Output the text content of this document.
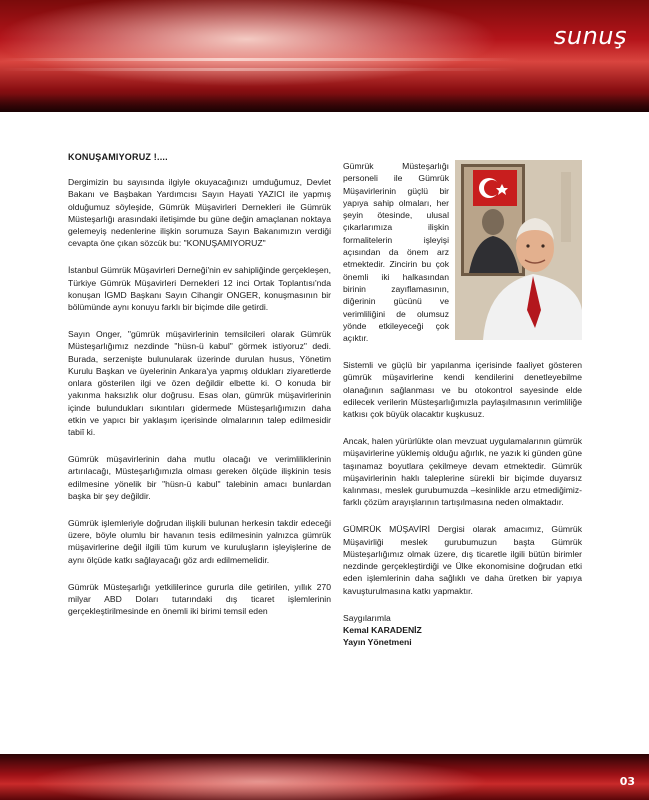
sunuş
KONUŞAMIYORUZ !....

Dergimizin bu sayısında ilgiyle okuyacağınızı umduğumuz, Devlet Bakanı ve Başbakan Yardımcısı Sayın Hayati YAZICI ile yapmış olduğumuz söyleşide, Gümrük Müşavirleri Dernekleri ile Gümrük Müsteşarlığı arasındaki iletişimde bu güne değin amaçlanan noktaya gelemeyiş nedenlerine ilişkin sorumuza Sayın Bakanımızın verdiği cevapta öne çıkan sözcük bu: "KONUŞAMIYORUZ"

İstanbul Gümrük Müşavirleri Derneği'nin ev sahipliğinde gerçekleşen, Türkiye Gümrük Müşavirleri Dernekleri 12 inci Ortak Toplantısı'nda konuşan İGMD Başkanı Sayın Cihangir ONGER, konuşmasının bir bölümünde aynı konuyu farklı bir biçimde dile getirdi.

Sayın Onger, "gümrük müşavirlerinin temsilcileri olarak Gümrük Müsteşarlığımız nezdinde "hüsn-ü kabul" görmek istiyoruz" dedi. Burada, serzenişte bulunularak üzerinde durulan husus, Yönetim Kurulu Başkan ve üyelerinin Ankara'ya yapmış oldukları ziyaretlerde onlara gösterilen ilgi ve özen değildir elbette ki. O konuda bir yakınma haksızlık olur doğrusu. Esas olan, gümrük müşavirlerinin içinde bulundukları sıkıntıları gidermede Müsteşarlığımızın daha etkin ve yapıcı bir yaklaşım içerisinde olmalarının talep edilmesidir tabiî ki.

Gümrük müşavirlerinin daha mutlu olacağı ve verimliliklerinin artırılacağı, Müsteşarlığımızla olması gereken ölçüde ilişkinin tesis edilmesine yönelik bir "hüsn-ü kabul" talebinin amacı bunlardan başka bir şey değildir.

Gümrük işlemleriyle doğrudan ilişkili bulunan herkesin takdir edeceği üzere, böyle olumlu bir havanın tesis edilmesinin yalnızca gümrük müşavirlerine değil ilgili tüm kurum ve kuruluşların işleyişlerine de aynı ölçüde katkı sağlayacağı göz ardı edilmemelidir.

Gümrük Müsteşarlığı yetkililerince gururla dile getirilen, yıllık 270 milyar ABD Doları tutarındaki dış ticaret işlemlerinin gerçekleştirilmesinde en önemli iki birimi temsil eden

Gümrük Müsteşarlığı personeli ile Gümrük Müşavirlerinin güçlü bir yapıya sahip olmaları, her şeyin ötesinde, ulusal çıkarlarımıza ilişkin formalitelerin işleyişi açısından da önem arz etmektedir. Zincirin bu çok önemli iki halkasından birinin zayıflamasının, diğerinin gücünü ve verimliliğini de olumsuz yönde etkileyeceği çok açıktır.

Sistemli ve güçlü bir yapılanma içerisinde faaliyet gösteren gümrük müşavirlerine kendi kendilerini denetleyebilme olanağının sağlanması ve bu otokontrol sayesinde elde edilecek verilerin Müsteşarlığımızla paylaşılmasının verimliliğe katkısı çok büyük olacaktır kuşkusuz.

Ancak, halen yürürlükte olan mevzuat uygulamalarının gümrük müşavirlerine yüklemiş olduğu ağırlık, ne yazık ki günden güne taşınamaz boyutlara çekilmeye devam etmektedir. Gümrük müşavirlerinin haklı taleplerine sürekli bir biçimde duyarsız kalınması, meslek gurubumuzda –kesinlikle arzu etmediğimiz- farklı çözüm arayışlarının tartışılmasına neden olmaktadır.

GÜMRÜK MÜŞAVİRİ Dergisi olarak amacımız, Gümrük Müşavirliği meslek gurubumuzun başta Gümrük Müsteşarlığımız olmak üzere, dış ticaretle ilgili bütün birimler nezdinde gerçekleştirdiği ve Ülke ekonomisine doğrudan etki eden işlemlerinin daha sağlıklı ve daha üretken bir yapıya kavuşturulmasına katkı yapmaktır.

Saygılarımla
Kemal KARADENİZ
Yayın Yönetmeni
03
